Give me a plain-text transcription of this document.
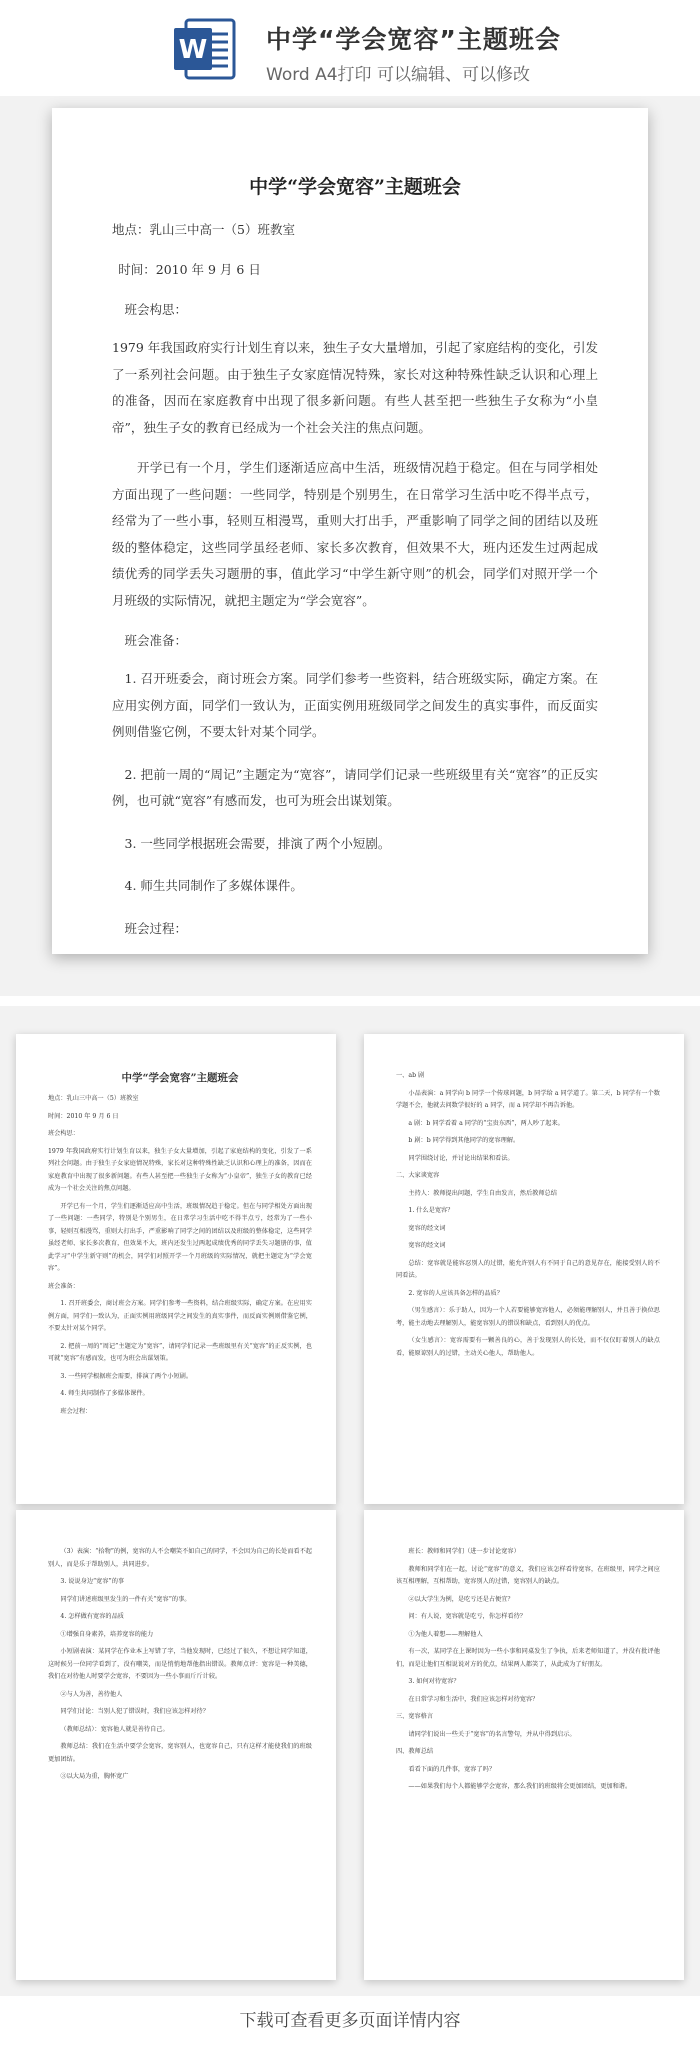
W 中学“学会宽容”主题班会
Word A4打印 可以编辑、可以修改
中学“学会宽容”主题班会
地点：乳山三中高一（5）班教室
时间：2010 年 9 月 6 日
班会构思：
1979 年我国政府实行计划生育以来，独生子女大量增加，引起了家庭结构的变化，引发了一系列社会问题。由于独生子女家庭情况特殊，家长对这种特殊性缺乏认识和心理上的准备，因而在家庭教育中出现了很多新问题。有些人甚至把一些独生子女称为“小皇帝”，独生子女的教育已经成为一个社会关注的焦点问题。
开学已有一个月，学生们逐渐适应高中生活，班级情况趋于稳定。但在与同学相处方面出现了一些问题：一些同学，特别是个别男生，在日常学习生活中吃不得半点亏，经常为了一些小事，轻则互相漫骂，重则大打出手，严重影响了同学之间的团结以及班级的整体稳定，这些同学虽经老师、家长多次教育，但效果不大，班内还发生过两起成绩优秀的同学丢失习题册的事，值此学习“中学生新守则”的机会，同学们对照开学一个月班级的实际情况，就把主题定为“学会宽容”。
班会准备：
1. 召开班委会，商讨班会方案。同学们参考一些资料，结合班级实际，确定方案。在应用实例方面，同学们一致认为，正面实例用班级同学之间发生的真实事件，而反面实例则借鉴它例，不要太针对某个同学。
2. 把前一周的“周记”主题定为“宽容”，请同学们记录一些班级里有关“宽容”的正反实例，也可就“宽容”有感而发，也可为班会出谋划策。
3. 一些同学根据班会需要，排演了两个小短剧。
4. 师生共同制作了多媒体课件。
班会过程：
中学“学会宽容”主题班会
地点：乳山三中高一（5）班教室
时间：2010 年 9 月 6 日
班会构思：
1979 年我国政府实行计划生育以来，独生子女大量增加，引起了家庭结构的变化，引发了一系列社会问题。由于独生子女家庭情况特殊，家长对这种特殊性缺乏认识和心理上的准备，因而在家庭教育中出现了很多新问题。有些人甚至把一些独生子女称为“小皇帝”，独生子女的教育已经成为一个社会关注的焦点问题。
开学已有一个月，学生们逐渐适应高中生活，班级情况趋于稳定。但在与同学相处方面出现了一些问题：一些同学，特别是个别男生，在日常学习生活中吃不得半点亏，经常为了一些小事，轻则互相漫骂，重则大打出手，严重影响了同学之间的团结以及班级的整体稳定，这些同学虽经老师、家长多次教育，但效果不大，班内还发生过两起成绩优秀的同学丢失习题册的事，值此学习“中学生新守则”的机会，同学们对照开学一个月班级的实际情况，就把主题定为“学会宽容”。
班会准备：
1. 召开班委会，商讨班会方案。同学们参考一些资料，结合班级实际，确定方案。在应用实例方面，同学们一致认为，正面实例用班级同学之间发生的真实事件，而反面实例则借鉴它例，不要太针对某个同学。
2. 把前一周的“周记”主题定为“宽容”，请同学们记录一些班级里有关“宽容”的正反实例，也可就“宽容”有感而发，也可为班会出谋划策。
3. 一些同学根据班会需要，排演了两个小短剧。
4. 师生共同制作了多媒体课件。
班会过程：
一、ab 剧
小品表演：a 同学向 b 同学一个传球问题，b 同学给 a 同学道了。第二天，b 同学有一个数学题不会，他就去问数学很好的 a 同学，而 a 同学却不再告诉他。
a 剧：b 同学看着 a 同学的“宝贵东西”，两人吵了起来。
b 剧：b 同学得到其他同学的宽容理解。
同学围绕讨论，并讨论出结果和看法。
二、大家谈宽容
主持人：教师提出问题，学生自由发言，然后教师总结
1. 什么是宽容？
宽容的经文词
宽容的经文词
总结：宽容就是能容忍别人的过错，能允许别人有不同于自己的意见存在，能接受别人的不同看法。
2. 宽容的人应该具备怎样的品质？
（男生感言）：乐于助人，因为一个人若要能够宽容他人，必须能理解别人，并且善于换位思考，能主动地去理解别人，能宽容别人的错误和缺点，看到别人的优点。
（女生感言）：宽容需要有一颗善良的心，善于发现别人的长处，而不仅仅盯着别人的缺点看，能原谅别人的过错，主动关心他人，帮助他人。
（3）表演：“拾物”的例，宽容的人不会嘲笑不如自己的同学，不会因为自己的长处而看不起别人，而是乐于帮助别人，共同进步。
3. 说说身边“宽容”的事
同学们讲述班级里发生的一件有关“宽容”的事。
4. 怎样做有宽容的品质
①增强自身素养，培养宽容的能力
小短剧表演：某同学在作业本上写错了字，当他发现时，已经过了很久，不想让同学知道，这时候另一位同学看到了，没有嘲笑，而是悄悄地帮他指出错误。教师点评：宽容是一种美德，我们在对待他人时要学会宽容，不要因为一些小事而斤斤计较。
②与人为善，善待他人
同学们讨论：当别人犯了错误时，我们应该怎样对待？
（教师总结）：宽容他人就是善待自己。
教师总结：我们在生活中要学会宽容，宽容别人，也宽容自己，只有这样才能使我们的班级更加团结。
③以大局为重，胸怀宽广
班长：教师和同学们（进一步讨论宽容）
教师和同学们在一起，讨论“宽容”的意义，我们应该怎样看待宽容，在班级里，同学之间应该互相理解，互相帮助，宽容别人的过错，宽容别人的缺点。
②以大学生为例，是吃亏还是占便宜？
问：有人说，宽容就是吃亏，你怎样看待？
①为他人着想——理解他人
有一次，某同学在上课时因为一些小事和同桌发生了争执，后来老师知道了，并没有批评他们，而是让他们互相说说对方的优点，结果两人都笑了，从此成为了好朋友。
3. 如何对待宽容？
在日常学习和生活中，我们应该怎样对待宽容？
三、宽容格言
请同学们说出一些关于“宽容”的名言警句，并从中得到启示。
四、教师总结
看看下面的几件事，宽容了吗？
——如果我们每个人都能够学会宽容，那么我们的班级将会更加团结，更加和谐。
下载可查看更多页面详情内容
